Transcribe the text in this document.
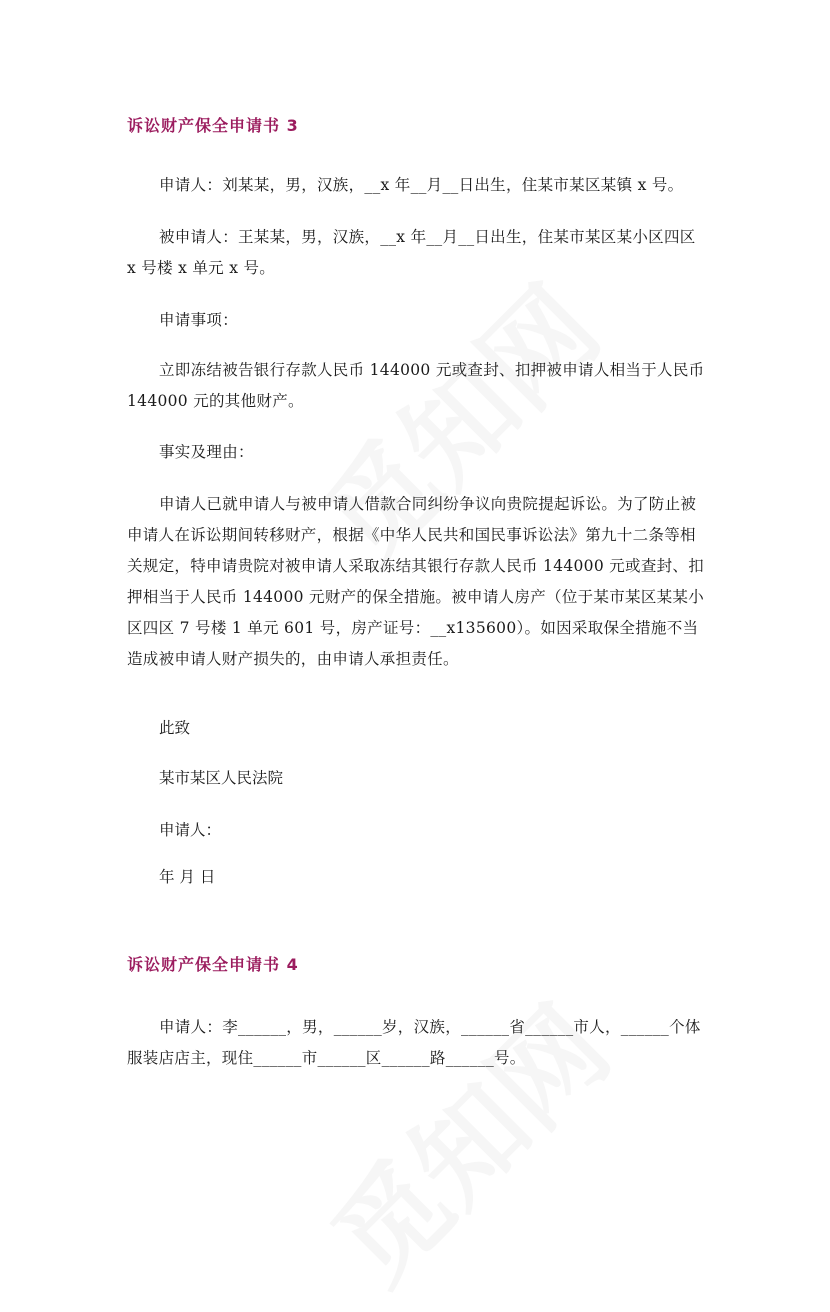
诉讼财产保全申请书 3

申请人：刘某某，男，汉族，__x 年__月__日出生，住某市某区某镇 x 号。

被申请人：王某某，男，汉族，__x 年__月__日出生，住某市某区某小区四区 x 号楼 x 单元 x 号。

申请事项：

立即冻结被告银行存款人民币 144000 元或查封、扣押被申请人相当于人民币 144000 元的其他财产。

事实及理由：

申请人已就申请人与被申请人借款合同纠纷争议向贵院提起诉讼。为了防止被申请人在诉讼期间转移财产，根据《中华人民共和国民事诉讼法》第九十二条等相关规定，特申请贵院对被申请人采取冻结其银行存款人民币 144000 元或查封、扣押相当于人民币 144000 元财产的保全措施。被申请人房产（位于某市某区某某小区四区 7 号楼 1 单元 601 号，房产证号：__x135600）。如因采取保全措施不当造成被申请人财产损失的，由申请人承担责任。

此致
某市某区人民法院
申请人：
年 月 日
诉讼财产保全申请书 4

申请人：李______，男，______岁，汉族，______省______市人，______个体服装店店主，现住______市______区______路______号。
